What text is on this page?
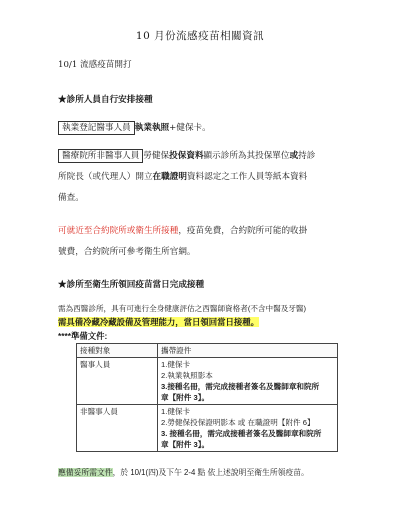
10 月份流感疫苗相關資訊
10/1 流感疫苗開打
★診所人員自行安排接種
執業登記醫事人員 執業執照+健保卡。
醫療院所非醫事人員 勞健保投保資料顯示診所為其投保單位或持診
所院長（或代理人）開立在職證明資料認定之工作人員等紙本資料
備查。
可就近至合約院所或衛生所接種，疫苗免費，合約院所可能的收掛
號費，合約院所可參考衛生所官網。
★診所至衛生所領回疫苗當日完成接種
需為西醫診所，具有可進行全身健康評估之西醫師資格者(不含中醫及牙醫)
需具備冷藏冷藏設備及管理能力，當日領回當日接種。
****準備文件:
接種對象	攜帶證件
醫事人員	1.健保卡
2.執業執照影本
3.接種名冊，需完成接種者簽名及醫師章和院所
章【附件 3】。

非醫事人員	1.健保卡
2.勞健保投保證明影本 或 在職證明【附件 6】
3. 接種名冊，需完成接種者簽名及醫師章和院所
章【附件 3】。
應備妥所需文件，於 10/1(四)及下午 2-4 點 依上述說明至衛生所領疫苗。
